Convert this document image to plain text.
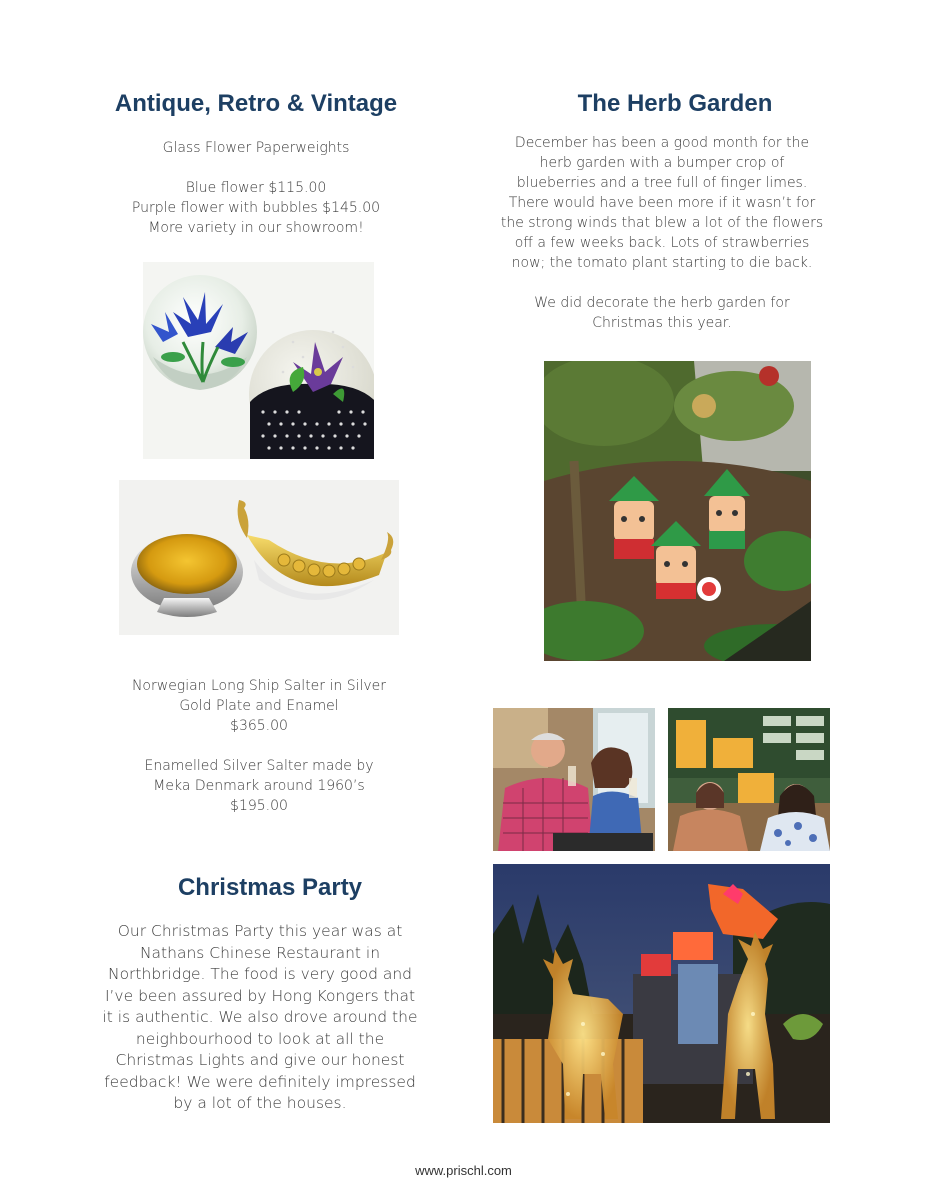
Antique, Retro & Vintage
Glass Flower Paperweights
Blue flower $115.00
Purple flower with bubbles $145.00
More variety in our showroom!
Norwegian Long Ship Salter in Silver
Gold Plate and Enamel
$365.00
Enamelled Silver Salter made by
Meka Denmark around 1960’s
$195.00
Christmas Party
Our Christmas Party this year was at
Nathans Chinese Restaurant in
Northbridge. The food is very good and
I’ve been assured by Hong Kongers that
it is authentic. We also drove around the
neighbourhood to look at all the
Christmas Lights and give our honest
feedback! We were definitely impressed
by a lot of the houses.
The Herb Garden
December has been a good month for the
herb garden with a bumper crop of
blueberries and a tree full of finger limes.
There would have been more if it wasn’t for
the strong winds that blew a lot of the flowers
off a few weeks back. Lots of strawberries
now; the tomato plant starting to die back.
We did decorate the herb garden for
Christmas this year.
www.prischl.com
